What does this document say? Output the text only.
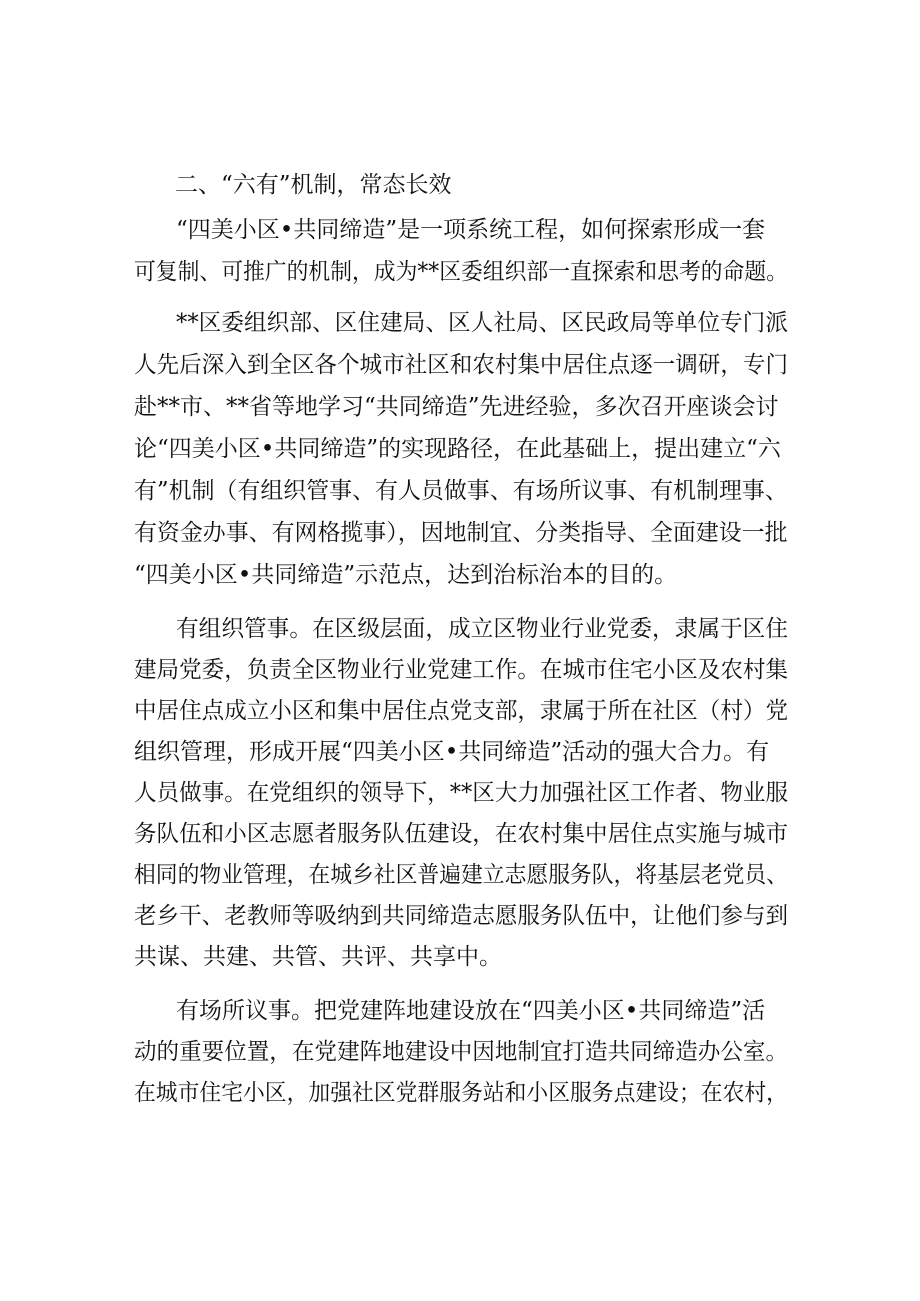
二、“六有”机制，常态长效
“四美小区•共同缔造”是一项系统工程，如何探索形成一套
可复制、可推广的机制，成为**区委组织部一直探索和思考的命题。
**区委组织部、区住建局、区人社局、区民政局等单位专门派
人先后深入到全区各个城市社区和农村集中居住点逐一调研，专门
赴**市、**省等地学习“共同缔造”先进经验，多次召开座谈会讨
论“四美小区•共同缔造”的实现路径，在此基础上，提出建立“六
有”机制（有组织管事、有人员做事、有场所议事、有机制理事、
有资金办事、有网格揽事），因地制宜、分类指导、全面建设一批
“四美小区•共同缔造”示范点，达到治标治本的目的。
有组织管事。在区级层面，成立区物业行业党委，隶属于区住
建局党委，负责全区物业行业党建工作。在城市住宅小区及农村集
中居住点成立小区和集中居住点党支部，隶属于所在社区（村）党
组织管理，形成开展“四美小区•共同缔造”活动的强大合力。有
人员做事。在党组织的领导下，**区大力加强社区工作者、物业服
务队伍和小区志愿者服务队伍建设，在农村集中居住点实施与城市
相同的物业管理，在城乡社区普遍建立志愿服务队，将基层老党员、
老乡干、老教师等吸纳到共同缔造志愿服务队伍中，让他们参与到
共谋、共建、共管、共评、共享中。
有场所议事。把党建阵地建设放在“四美小区•共同缔造”活
动的重要位置，在党建阵地建设中因地制宜打造共同缔造办公室。
在城市住宅小区，加强社区党群服务站和小区服务点建设；在农村，
